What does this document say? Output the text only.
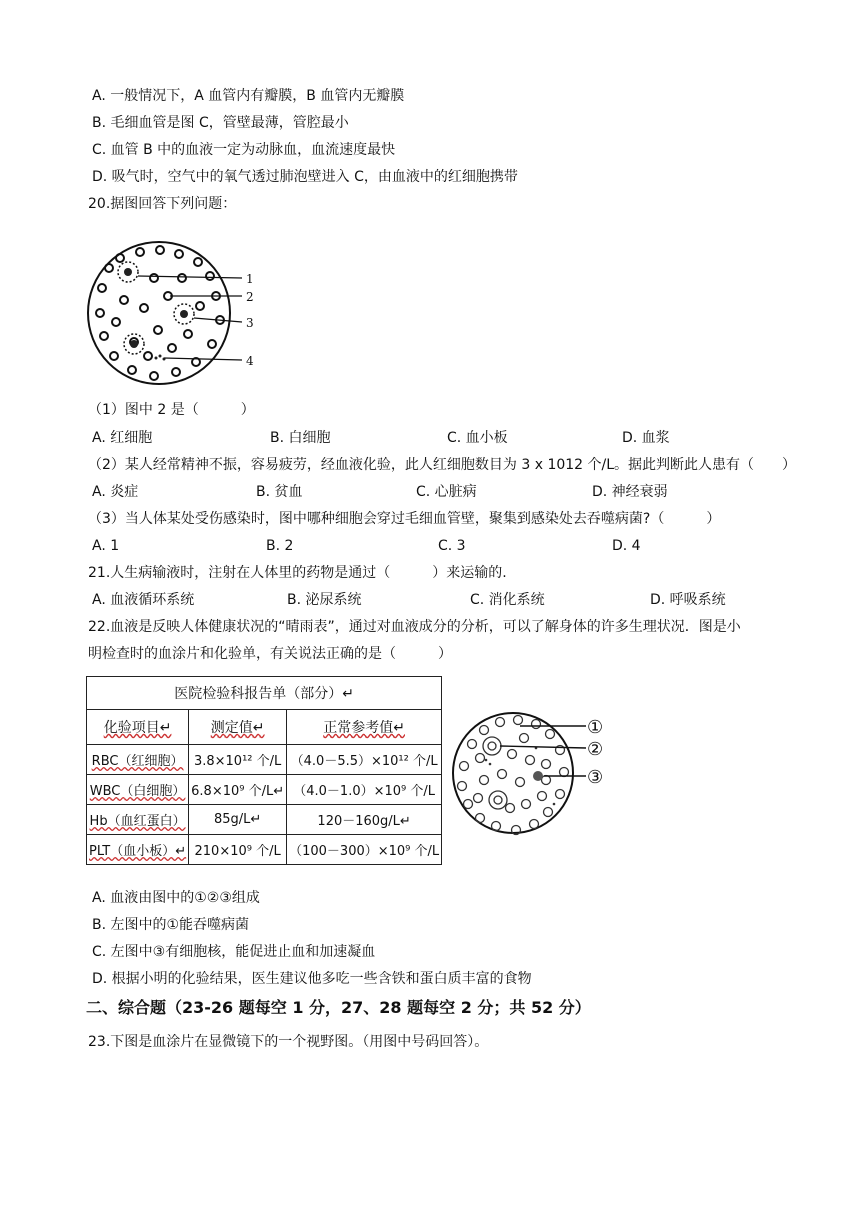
A. 一般情况下，A 血管内有瓣膜，B 血管内无瓣膜
B. 毛细血管是图 C，管壁最薄，管腔最小
C. 血管 B 中的血液一定为动脉血，血流速度最快
D. 吸气时，空气中的氧气透过肺泡壁进入 C，由血液中的红细胞携带
20.据图回答下列问题：
1
2
3
4
（1）图中 2 是（　　　）
A. 红细胞	B. 白细胞	C. 血小板	D. 血浆
（2）某人经常精神不振，容易疲劳，经血液化验，此人红细胞数目为 3 x 1012 个/L。据此判断此人患有（　　）
A. 炎症	B. 贫血	C. 心脏病	D. 神经衰弱
（3）当人体某处受伤感染时，图中哪种细胞会穿过毛细血管壁，聚集到感染处去吞噬病菌?（　　　）
A. 1	B. 2	C. 3	D. 4
21.人生病输液时，注射在人体里的药物是通过（　　　）来运输的.
A. 血液循环系统	B. 泌尿系统	C. 消化系统	D. 呼吸系统
22.血液是反映人体健康状况的“晴雨表”，通过对血液成分的分析，可以了解身体的许多生理状况．图是小
明检查时的血涂片和化验单，有关说法正确的是（　　　）
医院检验科报告单（部分）↵		
化验项目↵	测定值↵	正常参考值↵
RBC（红细胞）	3.8×10¹² 个/L	（4.0－5.5）×10¹² 个/L
WBC（白细胞）	6.8×10⁹ 个/L↵	（4.0－1.0）×10⁹ 个/L
Hb（血红蛋白）	85g/L↵	120－160g/L↵
PLT（血小板）↵	210×10⁹ 个/L	（100－300）×10⁹ 个/L
①
②
③
A. 血液由图中的①②③组成
B. 左图中的①能吞噬病菌
C. 左图中③有细胞核，能促进止血和加速凝血
D. 根据小明的化验结果，医生建议他多吃一些含铁和蛋白质丰富的食物
二、综合题（23-26 题每空 1 分，27、28 题每空 2 分；共 52 分）
23.下图是血涂片在显微镜下的一个视野图。（用图中号码回答）。
